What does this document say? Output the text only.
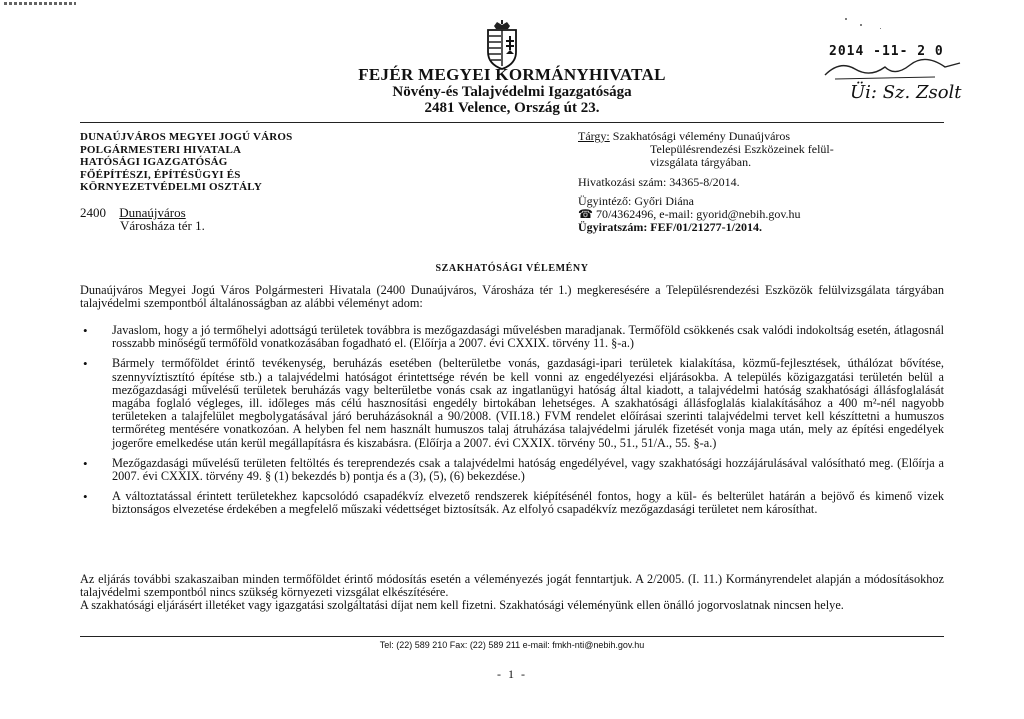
FEJÉR MEGYEI KORMÁNYHIVATAL
Növény-és Talajvédelmi Igazgatósága
2481 Velence, Ország út 23.
2014 -11- 2 0
Üi: Sz. Zsolt
DUNAÚJVÁROS MEGYEI JOGÚ VÁROS
POLGÁRMESTERI HIVATALA
HATÓSÁGI IGAZGATÓSÁG
FŐÉPÍTÉSZI, ÉPÍTÉSÜGYI ÉS
KÖRNYEZETVÉDELMI OSZTÁLY
2400 Dunaújváros
Városháza tér 1.
Tárgy: Szakhatósági vélemény Dunaújváros
Településrendezési Eszközeinek felül-
vizsgálata tárgyában.
Hivatkozási szám: 34365-8/2014.
Ügyintéző: Győri Diána
☎ 70/4362496, e-mail: gyorid@nebih.gov.hu
Ügyiratszám: FEF/01/21277-1/2014.
SZAKHATÓSÁGI VÉLEMÉNY
Dunaújváros Megyei Jogú Város Polgármesteri Hivatala (2400 Dunaújváros, Városháza tér 1.) megkeresésére a Településrendezési Eszközök felülvizsgálata tárgyában talajvédelmi szempontból általánosságban az alábbi véleményt adom:
• Javaslom, hogy a jó termőhelyi adottságú területek továbbra is mezőgazdasági művelésben maradjanak. Termőföld csökkenés csak valódi indokoltság esetén, átlagosnál rosszabb minőségű termőföld vonatkozásában fogadható el. (Előírja a 2007. évi CXXIX. törvény 11. §-a.)
• Bármely termőföldet érintő tevékenység, beruházás esetében (belterületbe vonás, gazdasági-ipari területek kialakítása, közmű-fejlesztések, úthálózat bővítése, szennyvíztisztító építése stb.) a talajvédelmi hatóságot érintettsége révén be kell vonni az engedélyezési eljárásokba. A település közigazgatási területén belül a mezőgazdasági művelésű területek beruházás vagy belterületbe vonás csak az ingatlanügyi hatóság által kiadott, a talajvédelmi hatóság szakhatósági állásfoglalását magába foglaló végleges, ill. időleges más célú hasznosítási engedély birtokában lehetséges. A szakhatósági állásfoglalás kialakításához a 400 m²-nél nagyobb területeken a talajfelület megbolygatásával járó beruházásoknál a 90/2008. (VII.18.) FVM rendelet előírásai szerinti talajvédelmi tervet kell készíttetni a humuszos termőréteg mentésére vonatkozóan. A helyben fel nem használt humuszos talaj átruházása talajvédelmi járulék fizetését vonja maga után, mely az építési engedélyek jogerőre emelkedése után kerül megállapításra és kiszabásra. (Előírja a 2007. évi CXXIX. törvény 50., 51., 51/A., 55. §-a.)
• Mezőgazdasági művelésű területen feltöltés és tereprendezés csak a talajvédelmi hatóság engedélyével, vagy szakhatósági hozzájárulásával valósítható meg. (Előírja a 2007. évi CXXIX. törvény 49. § (1) bekezdés b) pontja és a (3), (5), (6) bekezdése.)
• A változtatással érintett területekhez kapcsolódó csapadékvíz elvezető rendszerek kiépítésénél fontos, hogy a kül- és belterület határán a bejövő és kimenő vizek biztonságos elvezetése érdekében a megfelelő műszaki védettséget biztosítsák. Az elfolyó csapadékvíz mezőgazdasági területet nem károsíthat.
Az eljárás további szakaszaiban minden termőföldet érintő módosítás esetén a véleményezés jogát fenntartjuk. A 2/2005. (I. 11.) Kormányrendelet alapján a módosításokhoz talajvédelmi szempontból nincs szükség környezeti vizsgálat elkészítésére.
A szakhatósági eljárásért illetéket vagy igazgatási szolgáltatási díjat nem kell fizetni. Szakhatósági véleményünk ellen önálló jogorvoslatnak nincsen helye.
Tel: (22) 589 210 Fax: (22) 589 211 e-mail: fmkh-nti@nebih.gov.hu
- 1 -
